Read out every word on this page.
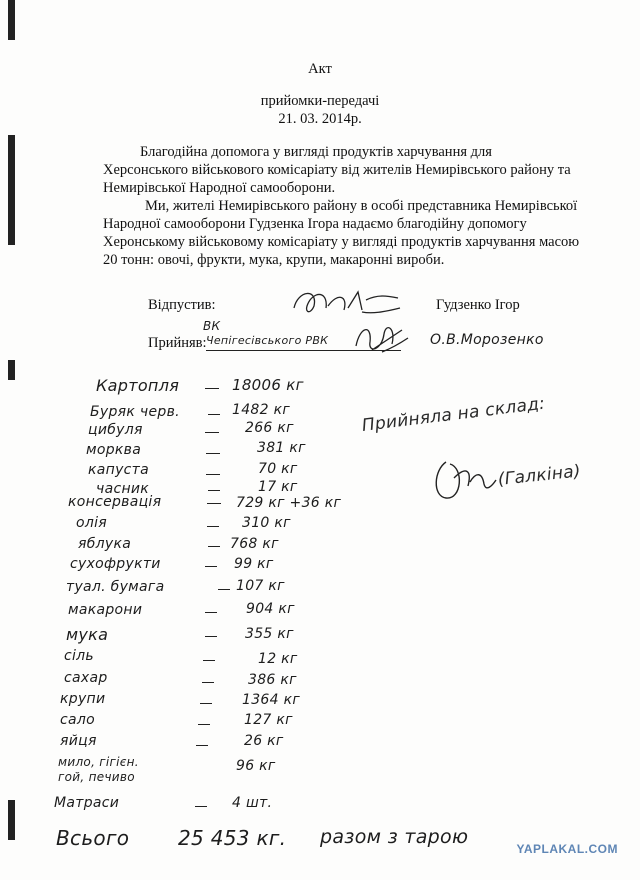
Акт
прийомки-передачі
21. 03. 2014р.
Благодійна допомога у вигляді продуктів харчування для
Херсонського військового комісаріату від жителів Немирівського району та
Немирівської Народної самооборони.
Ми, жителі Немирівського району в особі представника Немирівської
Народної самооборони Гудзенка Ігора надаємо благодійну допомогу
Херонському військовому комісаріату у вигляді продуктів харчування масою
20 тонн: овочі, фрукти, мука, крупи, макаронні вироби.
Відпустив:	Гудзенко Ігор
Прийняв:
ВК
Чепігесівського РВК	О.В.Морозенко
Картопля	18006 кг
Буряк черв.	1482 кг
цибуля	266 кг
морква	381 кг
капуста	70 кг
часник	17 кг
консервація	729 кг +36 кг
олія	310 кг
яблука	768 кг
сухофрукти	99 кг
туал. бумага	107 кг
макарони	904 кг
мука	355 кг
сіль	12 кг
сахар	386 кг
крупи	1364 кг
сало	127 кг
яйця	26 кг
мило, гігієн.
гой, печиво
96 кг
Матраси	4 шт.
Всього 25 453 кг. разом з тарою
Прийняла на склад:
(Галкіна)
YAPLAKAL.COM
